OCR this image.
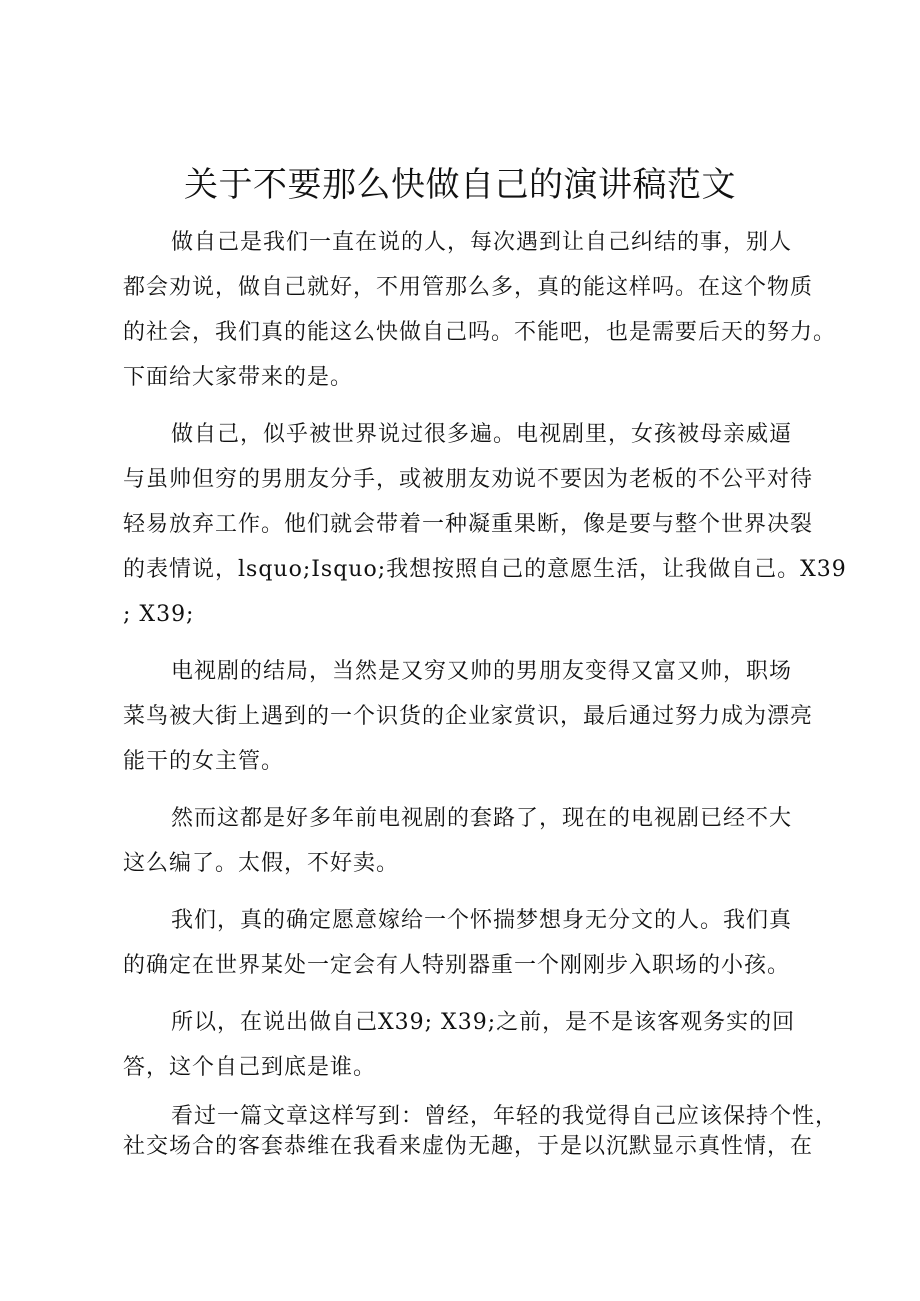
关于不要那么快做自己的演讲稿范文
做自己是我们一直在说的人，每次遇到让自己纠结的事，别人
都会劝说，做自己就好，不用管那么多，真的能这样吗。在这个物质
的社会，我们真的能这么快做自己吗。不能吧，也是需要后天的努力。
下面给大家带来的是。
做自己，似乎被世界说过很多遍。电视剧里，女孩被母亲威逼
与虽帅但穷的男朋友分手，或被朋友劝说不要因为老板的不公平对待
轻易放弃工作。他们就会带着一种凝重果断，像是要与整个世界决裂
的表情说，lsquo;Isquo;我想按照自己的意愿生活，让我做自己。X39
; X39;
电视剧的结局，当然是又穷又帅的男朋友变得又富又帅，职场
菜鸟被大街上遇到的一个识货的企业家赏识，最后通过努力成为漂亮
能干的女主管。
然而这都是好多年前电视剧的套路了，现在的电视剧已经不大
这么编了。太假，不好卖。
我们，真的确定愿意嫁给一个怀揣梦想身无分文的人。我们真
的确定在世界某处一定会有人特别器重一个刚刚步入职场的小孩。
所以，在说出做自己X39; X39;之前，是不是该客观务实的回
答，这个自己到底是谁。
看过一篇文章这样写到：曾经，年轻的我觉得自己应该保持个性，
社交场合的客套恭维在我看来虚伪无趣，于是以沉默显示真性情，在
